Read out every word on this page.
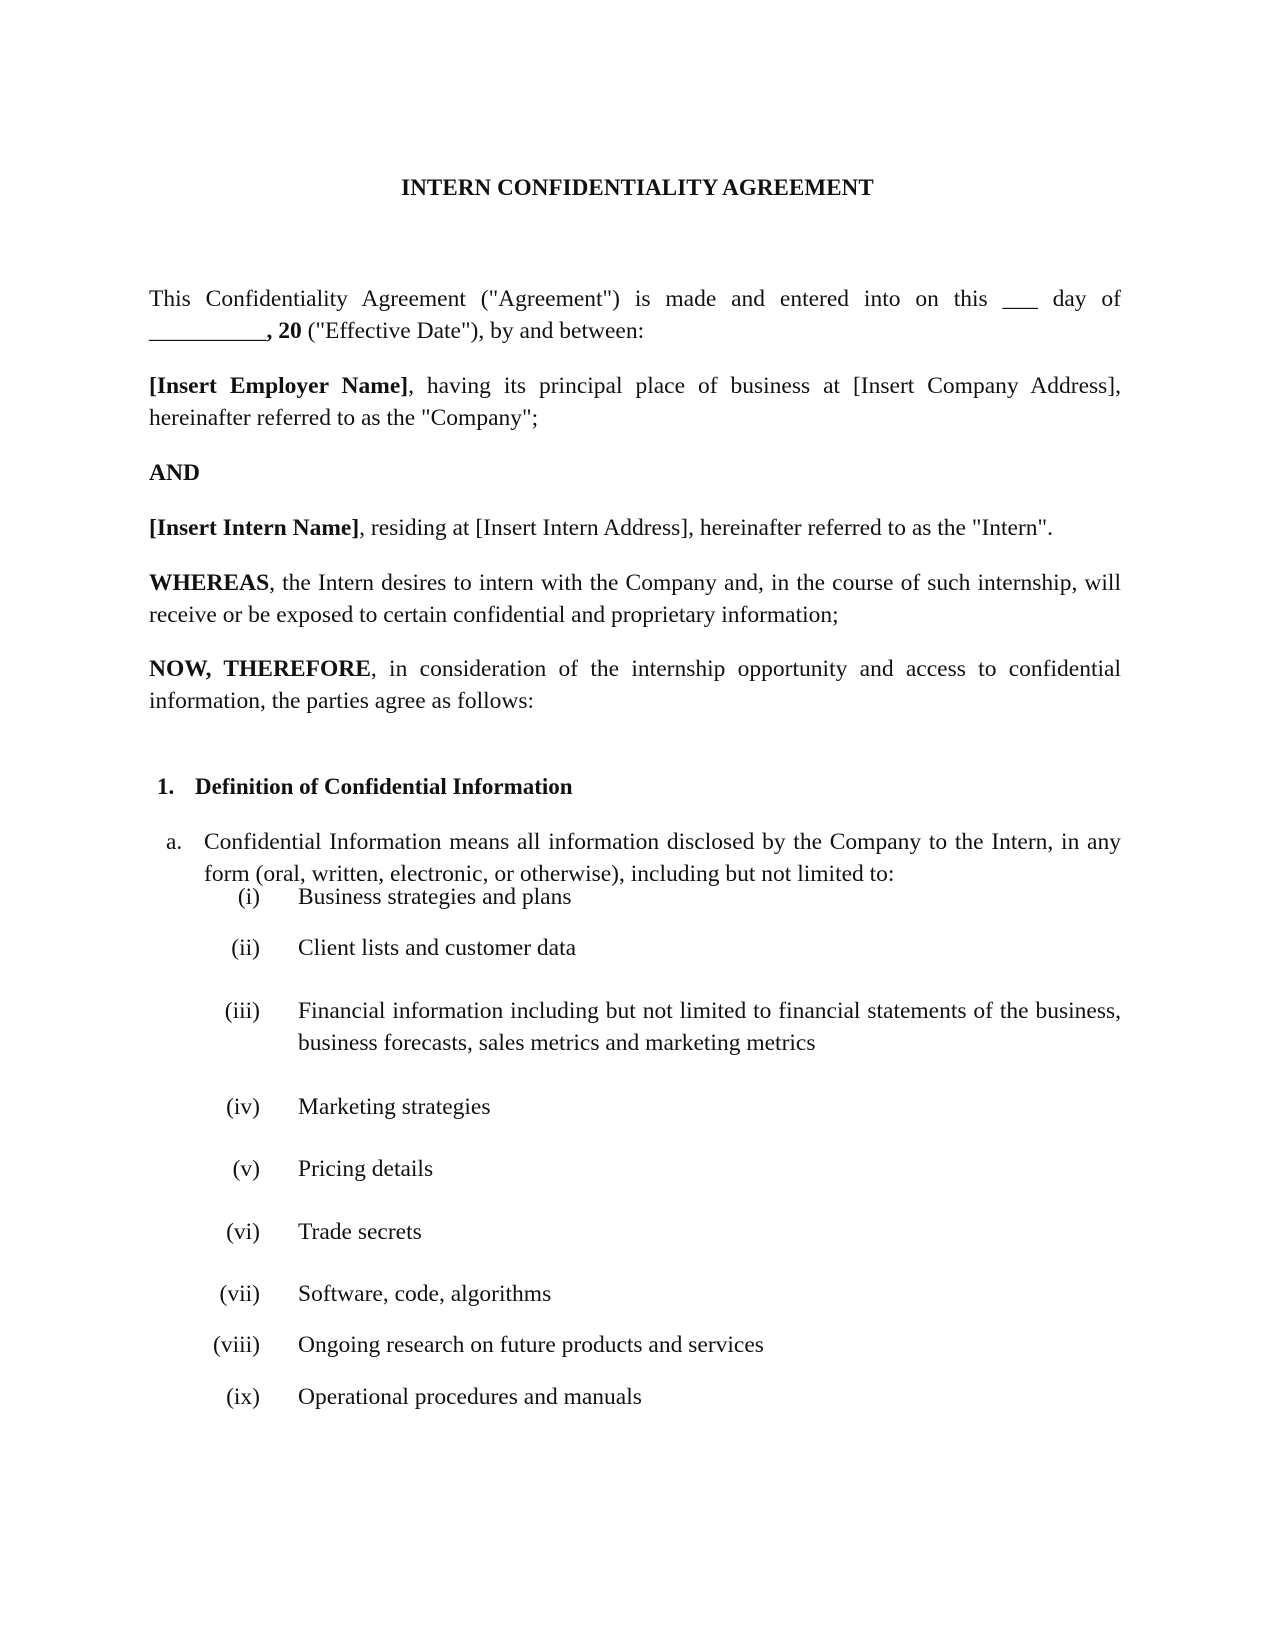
INTERN CONFIDENTIALITY AGREEMENT
This Confidentiality Agreement ("Agreement") is made and entered into on this ___ day of
__________, 20 ("Effective Date"), by and between:
[Insert Employer Name], having its principal place of business at [Insert Company Address], hereinafter referred to as the "Company";
AND
[Insert Intern Name], residing at [Insert Intern Address], hereinafter referred to as the "Intern".
WHEREAS, the Intern desires to intern with the Company and, in the course of such internship, will receive or be exposed to certain confidential and proprietary information;
NOW, THEREFORE, in consideration of the internship opportunity and access to confidential information, the parties agree as follows:
1. Definition of Confidential Information
a. Confidential Information means all information disclosed by the Company to the Intern, in any form (oral, written, electronic, or otherwise), including but not limited to:
(i) Business strategies and plans
(ii) Client lists and customer data
(iii) Financial information including but not limited to financial statements of the business, business forecasts, sales metrics and marketing metrics
(iv) Marketing strategies
(v) Pricing details
(vi) Trade secrets
(vii) Software, code, algorithms
(viii) Ongoing research on future products and services
(ix) Operational procedures and manuals
